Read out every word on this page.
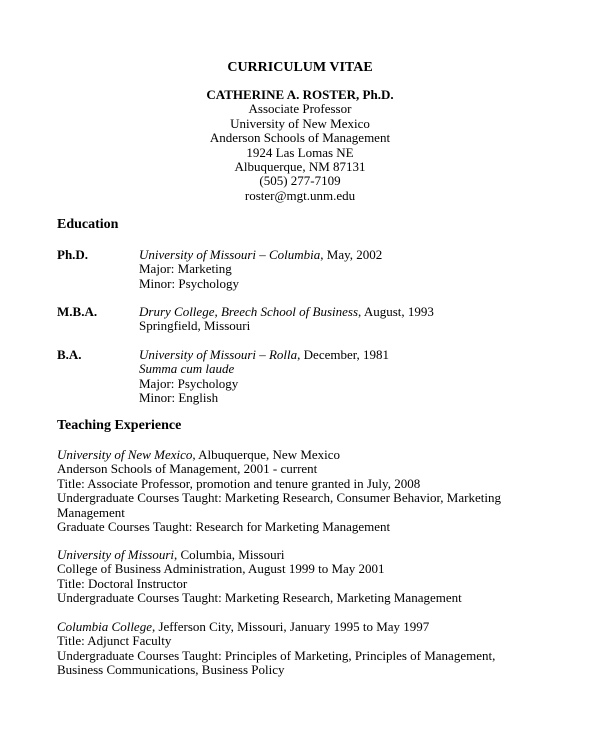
CURRICULUM VITAE
CATHERINE A. ROSTER, Ph.D.
Associate Professor
University of New Mexico
Anderson Schools of Management
1924 Las Lomas NE
Albuquerque, NM 87131
(505) 277-7109
roster@mgt.unm.edu
Education
Ph.D.	University of Missouri – Columbia, May, 2002
Major: Marketing
Minor: Psychology
M.B.A.	Drury College, Breech School of Business, August, 1993
Springfield, Missouri
B.A.	University of Missouri – Rolla, December, 1981
Summa cum laude
Major: Psychology
Minor: English
Teaching Experience
University of New Mexico, Albuquerque, New Mexico
Anderson Schools of Management, 2001 - current
Title: Associate Professor, promotion and tenure granted in July, 2008
Undergraduate Courses Taught: Marketing Research, Consumer Behavior, Marketing Management
Graduate Courses Taught: Research for Marketing Management
University of Missouri, Columbia, Missouri
College of Business Administration, August 1999 to May 2001
Title: Doctoral Instructor
Undergraduate Courses Taught: Marketing Research, Marketing Management
Columbia College, Jefferson City, Missouri, January 1995 to May 1997
Title: Adjunct Faculty
Undergraduate Courses Taught: Principles of Marketing, Principles of Management,
Business Communications, Business Policy
